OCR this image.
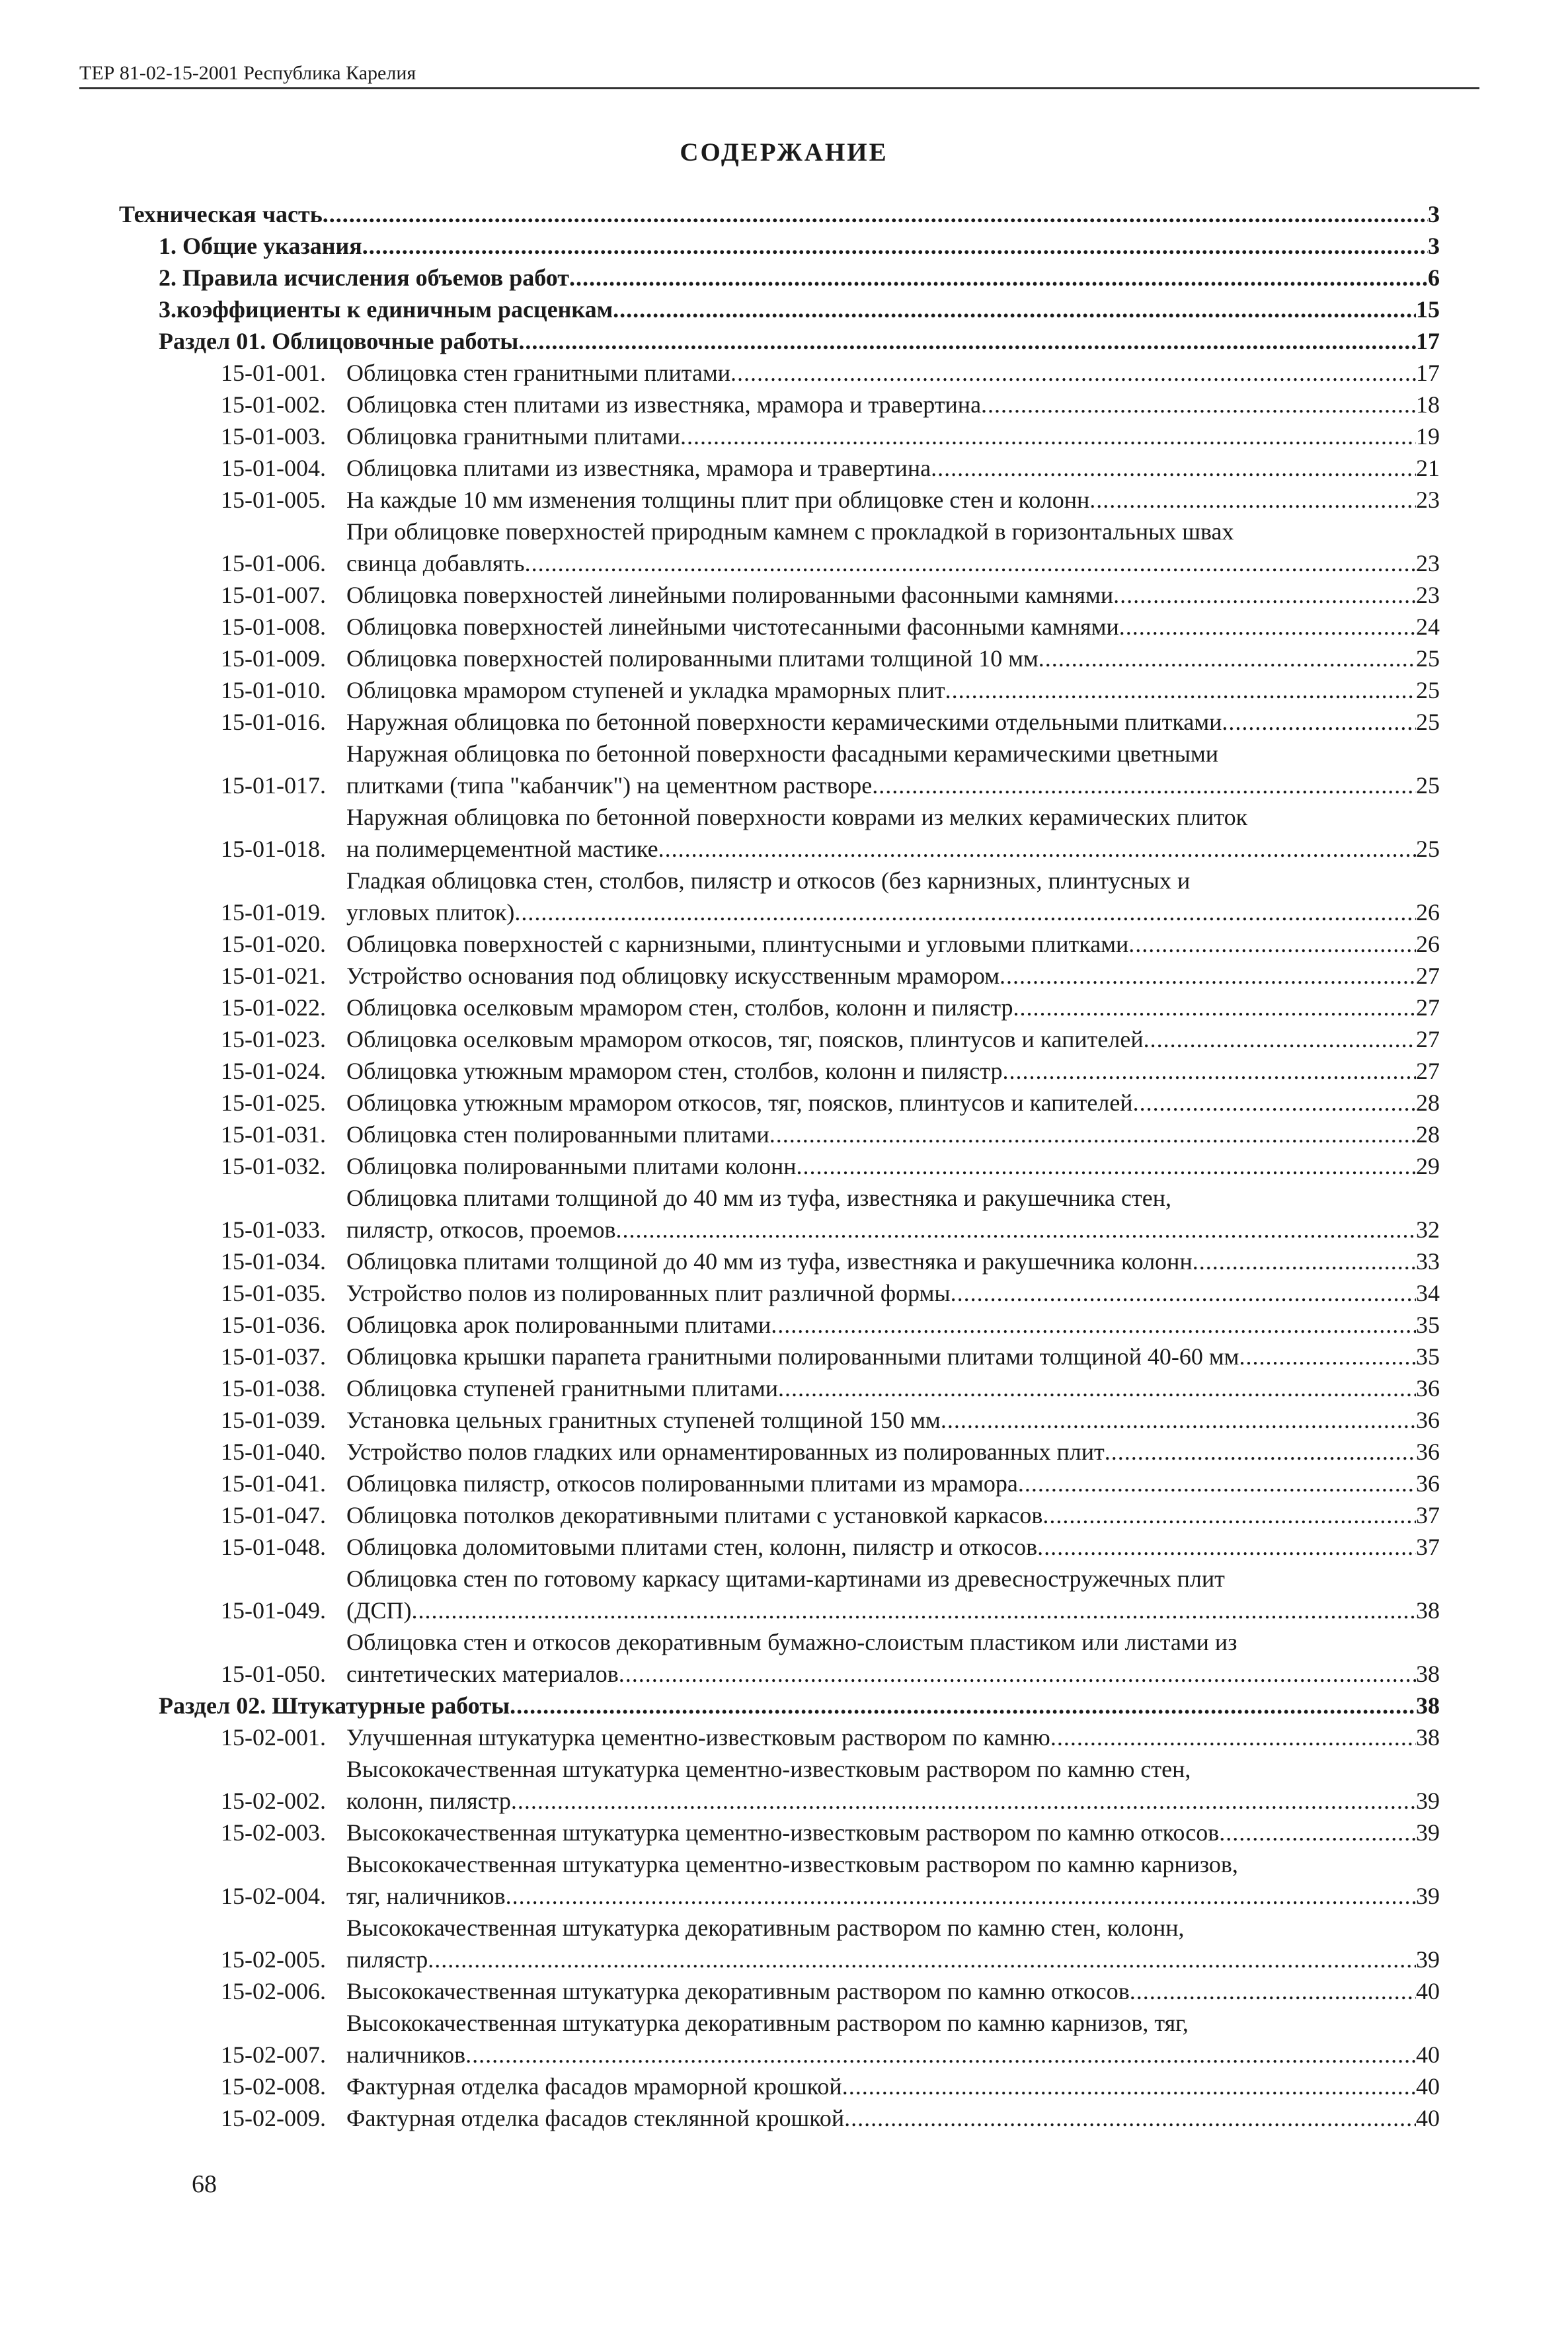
ТЕР 81-02-15-2001 Республика Карелия
СОДЕРЖАНИЕ
Техническая часть .....	3
1. Общие указания .....	3
2. Правила исчисления объемов работ .....	6
3.коэффициенты к единичным расценкам .....	15
Раздел 01. Облицовочные работы .....	17
15-01-001. Облицовка стен гранитными плитами .....	17
15-01-002. Облицовка стен плитами из известняка, мрамора и травертина .....	18
15-01-003. Облицовка гранитными плитами .....	19
15-01-004. Облицовка плитами из известняка, мрамора и травертина .....	21
15-01-005. На каждые 10 мм изменения толщины плит при облицовке стен и колонн .....	23
15-01-006.
При облицовке поверхностей природным камнем с прокладкой в горизонтальных швах
свинца добавлять .....	23
15-01-007. Облицовка поверхностей линейными полированными фасонными камнями .....	23
15-01-008. Облицовка поверхностей линейными чистотесанными фасонными камнями .....	24
15-01-009. Облицовка поверхностей полированными плитами толщиной 10 мм .....	25
15-01-010. Облицовка мрамором ступеней и укладка мраморных плит .....	25
15-01-016. Наружная облицовка по бетонной поверхности керамическими отдельными плитками .....	25
15-01-017.
Наружная облицовка по бетонной поверхности фасадными керамическими цветными
плитками (типа "кабанчик") на цементном растворе .....	25
15-01-018.
Наружная облицовка по бетонной поверхности коврами из мелких керамических плиток
на полимерцементной мастике .....	25
15-01-019.
Гладкая облицовка стен, столбов, пилястр и откосов (без карнизных, плинтусных и
угловых плиток) .....	26
15-01-020. Облицовка поверхностей с карнизными, плинтусными и угловыми плитками .....	26
15-01-021. Устройство основания под облицовку искусственным мрамором .....	27
15-01-022. Облицовка оселковым мрамором стен, столбов, колонн и пилястр .....	27
15-01-023. Облицовка оселковым мрамором откосов, тяг, поясков, плинтусов и капителей .....	27
15-01-024. Облицовка утюжным мрамором стен, столбов, колонн и пилястр .....	27
15-01-025. Облицовка утюжным мрамором откосов, тяг, поясков, плинтусов и капителей .....	28
15-01-031. Облицовка стен полированными плитами .....	28
15-01-032. Облицовка полированными плитами колонн .....	29
15-01-033.
Облицовка плитами толщиной до 40 мм из туфа, известняка и ракушечника стен,
пилястр, откосов, проемов .....	32
15-01-034. Облицовка плитами толщиной до 40 мм из туфа, известняка и ракушечника колонн .....	33
15-01-035. Устройство полов из полированных плит различной формы .....	34
15-01-036. Облицовка арок полированными плитами .....	35
15-01-037. Облицовка крышки парапета гранитными полированными плитами толщиной 40-60 мм .....	35
15-01-038. Облицовка ступеней гранитными плитами .....	36
15-01-039. Установка цельных гранитных ступеней толщиной 150 мм .....	36
15-01-040. Устройство полов гладких или орнаментированных из полированных плит .....	36
15-01-041. Облицовка пилястр, откосов полированными плитами из мрамора .....	36
15-01-047. Облицовка потолков декоративными плитами с установкой каркасов .....	37
15-01-048. Облицовка доломитовыми плитами стен, колонн, пилястр и откосов .....	37
15-01-049.
Облицовка стен по готовому каркасу щитами-картинами из древесностружечных плит
(ДСП) .....	38
15-01-050.
Облицовка стен и откосов декоративным бумажно-слоистым пластиком или листами из
синтетических материалов .....	38
Раздел 02. Штукатурные работы .....	38
15-02-001. Улучшенная штукатурка цементно-известковым раствором по камню .....	38
15-02-002.
Высококачественная штукатурка цементно-известковым раствором по камню стен,
колонн, пилястр .....	39
15-02-003. Высококачественная штукатурка цементно-известковым раствором по камню откосов .....	39
15-02-004.
Высококачественная штукатурка цементно-известковым раствором по камню карнизов,
тяг, наличников .....	39
15-02-005.
Высококачественная штукатурка декоративным раствором по камню стен, колонн,
пилястр .....	39
15-02-006. Высококачественная штукатурка декоративным раствором по камню откосов .....	40
15-02-007.
Высококачественная штукатурка декоративным раствором по камню карнизов, тяг,
наличников .....	40
15-02-008. Фактурная отделка фасадов мраморной крошкой .....	40
15-02-009. Фактурная отделка фасадов стеклянной крошкой .....	40
68
